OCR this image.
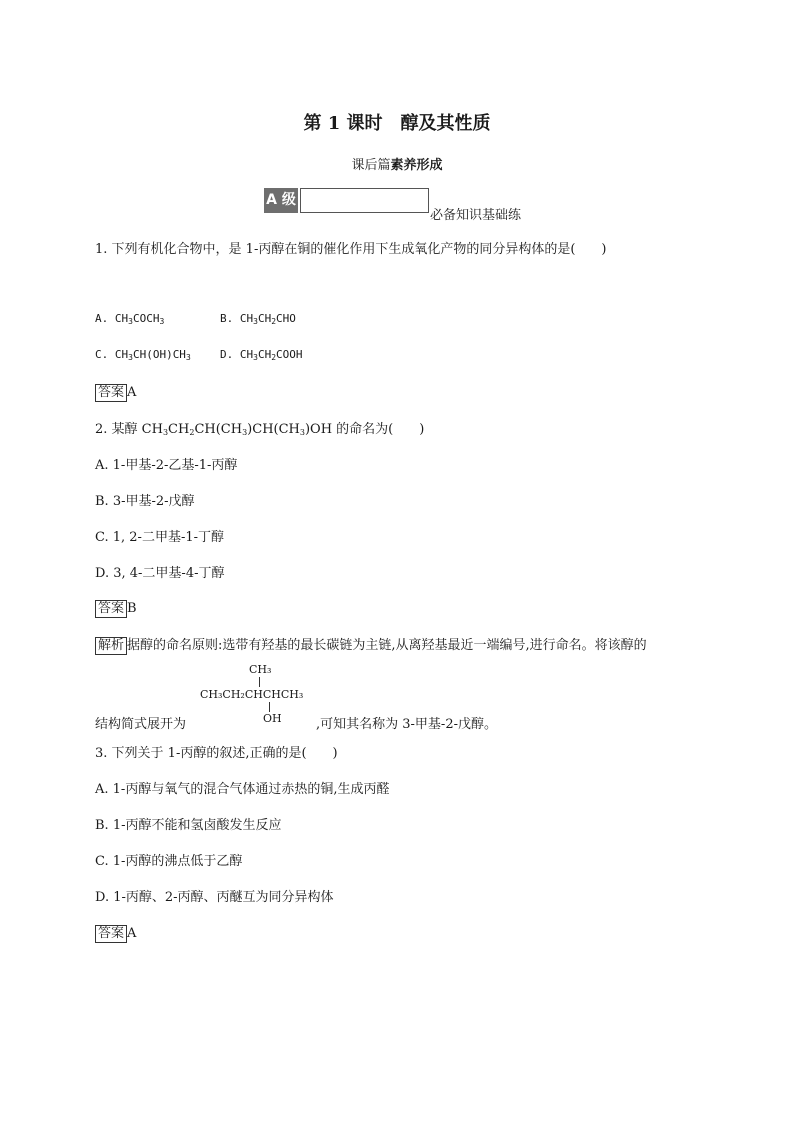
第 1 课时　醇及其性质
课后篇素养形成
A 级
必备知识基础练
1. 下列有机化合物中，是 1-丙醇在铜的催化作用下生成氧化产物的同分异构体的是(　　)
A. $CH_3COCH_3$	B. $CH_3CH_2CHO$
C. $CH_3CH(OH)CH_3$	D. $CH_3CH_2COOH$
答案 A
2. 某醇 $CH_3CH_2CH(CH_3)CH(CH_3)OH$ 的命名为(　　)
A. 1-甲基-2-乙基-1-丙醇
B. 3-甲基-2-戊醇
C. 1, 2-二甲基-1-丁醇
D. 3, 4-二甲基-4-丁醇
答案 B
解析 据醇的命名原则:选带有羟基的最长碳链为主链,从离羟基最近一端编号,进行命名。将该醇的
CH₃
CH₃CH₂CHCHCH₃
OH
结构简式展开为	,可知其名称为 3-甲基-2-戊醇。
3. 下列关于 1-丙醇的叙述,正确的是(　　)
A. 1-丙醇与氧气的混合气体通过赤热的铜,生成丙醛
B. 1-丙醇不能和氢卤酸发生反应
C. 1-丙醇的沸点低于乙醇
D. 1-丙醇、2-丙醇、丙醚互为同分异构体
答案 A
